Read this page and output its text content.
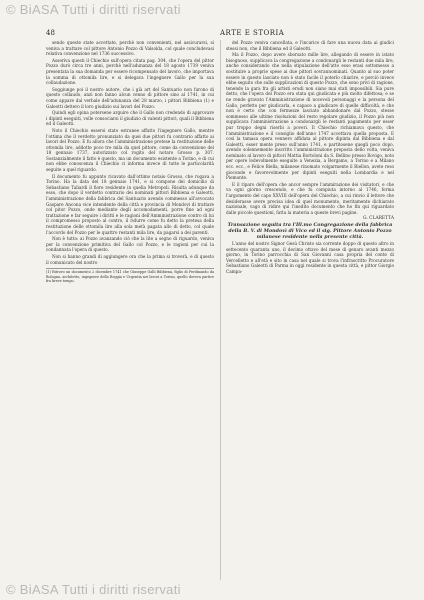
© BiASA Tutti i diritti riservati
48	ARTE E STORIA

sendo queste state accettate, perchè non convenienti, nel assicurarsi, si veniva a trattare col pittore Antonio Pozzo di Valsolda, col quale concludevasi relativa convenzione nel 1736 successivo.

Asseriva questi il Chiechio sull'opera citata pag. 304, che l'opera del pittor Pozzo durò circa tre anni, perchè nell'adunanza del 18 agosto 1739 veniva presentata la sua domanda per essere ricompensato del lavoro, che importava la somma di ottomila lire, e si delegava l'ingegnere Gallo per la sua collaudazione.

Soggiunge poi il nostro autore, che i già art del Santuario non furono di questo collaudo, anzi non fanno alcun cenno di pittore sino al 1741, in cui come appare dal verbale dell'adunanza del 28 marzo, i pittori Bibbiena (1) e Galeotti dettero il loro giudizio sui lavori del Pozzo.

Quindi egli opina potersene arguire che il Gallo non credendo di approvare i dipinti eseguiti, volle consociarsi il giudizio di valenti pittori, quali il Bibbiena ed il Galeotti.

Noto il Chiechio essersi stato estranee affatto l'ingegnere Gallo, mentre l'ottima che il verdetto pronunziato da quei due pittori fu contrario affatto ai lavori del Pozzo. E fu allora che l'amministrazione pretese la restituzione delle ottomila lire, addotte poco tre mila da quel pittore, come da convenzione del 18 gennaio 1737, autorizzato col rogito del notaro Grosso p. 307. Sostanzialmente il fatto è questo, ma un documento esistente a Torino, e di cui non ebbe conoscenza il Chiechio ci informa invece di tutte le particolarità seguite a quel riguardo.

Il documento fu appunto ricavato dall'ottimo notaio Grosso, che rogava a Torino. Ha la data del 18 gennaio 1741, e si compone dei domicilio di Sebastiano Taliardi il fiore residente in quella Metropoli. Risulta adunque da esso, che dopo il verdetto contrario dei nominati pittori Bibbiena e Galeotti, l'amministrazione della fabbrica del Santuario avendo commesso all'avvocato Gaspare Ancona vice intendente della città e provincia di Mondovì di trattare col pitor Pozzo, onde mediante degli accomodamenti, porre fine ad ogni trattazione e far seguire i diritti e le ragioni dell'Amministrazione contro di lui il compromesso proposto al contro, il ridurre come fu detto la pretesa della restituzione delle ottomila lire alla sola metà pagata allo di detto, col quale l'accordo del Pozzo per le quattro restanti mila lire, da pagarsi a dei parenti.

Non è tutto: ai Pozzo avanzando ciò che la lite a segno di riguardo, veniva per la convenzione primitiva del Gallo col Pozzo, e le ragioni per cui la condannata l'opera di questo.

Non si hanno grandi di aggiungere ora che la prima si troverà, e di questo il comunicato del nostro

(1) Ritrovo un documento 2 dicembre 1741 che Giuseppe Galli Bibbiena, figlio di Ferdinando da Bologna, architetto, ingegnere della Reggia e Urgentia nei lavori a Torino, quello doveva partire fra breve tempo.

del Pozzo veniva cancellata, e l'incarico di fare una nuova data ai giudici stessi non, che il Bibbiena ed il Galeotti.

Ma il Pozzo, dopo avere sborsato mille lire, allegando di essere in istato bisognoso, supplicava la congregazione a condonargli le restanti due mila lire, anche considerando che nella stipulazione dell'atto esso erasi sottomesso a sostituire a proprie spese ai due pittori sovrannominati. Quanto al suo poter essere in questo lasciato non è stato facile il poterlo chiarire, e perciò invece ebbe seguito che sulle supplicazioni di questo Pozzo, che sono privi di ragione, tenendo la gara fra gli artisti erudi non siano mai stati impossibili. Sia pure detto, che l'opera del Pozzo era stata qui giudicata e più molto difettosa; e se ne rende gravato l'Amministrazione di nocevoli personaggi e la persona del Gallo, perfetto per giudicarla, e capace a giudicare di quelle difficoltà, e che non è certo che con fermezze lasciato abbandonare dal Pozzo, stesse sommesso alle ultime risoluzioni del resto regolare giudizio, il Pozzo più non supplicava l'amministrazione a condonargli le restanti pagamento per esser pur troppo degni riserbi a poveri. Il Chiechio richiamava questo, che l'amministrazione e il consiglio dell'anno 1747 accettava quella proposta. E così la tamasa opera vennero affidata al pittore dipinta dal Bibbiena e dal Galeotti, esser mente preso sull'anno 1741, e partitosene quegli poco dopo, avendo solennemente inscritto l'amministrazione preposta dello volta, veniva nominato al lavoro di pittori Mattia Bortoloni da S. Bellino presso Rovigo, noto per opere lodevolmente eseguite a Venezia, a Bergamo, a Torino e a Milano ecc. ecc., e Felice Biella, milanese rinomato volgarmente il Biellon, avete reso gioconde e favorevolmente per dipinti eseguiti nella Lombardia e nel Piemonte.

E il riparo dell'opera che ancor sempre l'ammirazione dei visitatori, e che va ogni giorno crescendo, e che fu compiuta intorno al 1746, forma l'argomento del capo XXVIII dell'opera del Chiechio, a cui rinvio il lettore che desiderasse avere precisa idea di quel monumento, meritamente dichiarato nazionale, vago di ridire qui l'inedito documento che ho fin qui riguardato dalle piccole questioni, fatta la materia a queste brevi pagine.

G. CLARETTA

Transazione seguita tra l'Ill.mo Congregazione della fabbrica della B. V. di Mondovì di Vico ed il sig. Pittore Antonio Pozzo milanese residente nella presente città.

L'anno del nostro Signor Gesù Christo sia corrente doppo di questo altro in settecento quaranta uno, il decimo ottavo del mese di genaro avanti mezzo giorno, in Torino parrocchia di San Giovanni casa propria del conte di Vercelletto e all'età e sito in casa nel quale si trova l'infrascritto Procuratore Sebastiano Galeotti di Parma in oggi residente in questa città, e pittor Giorgio Campa-

© BiASA Tutti i diritti riservati
